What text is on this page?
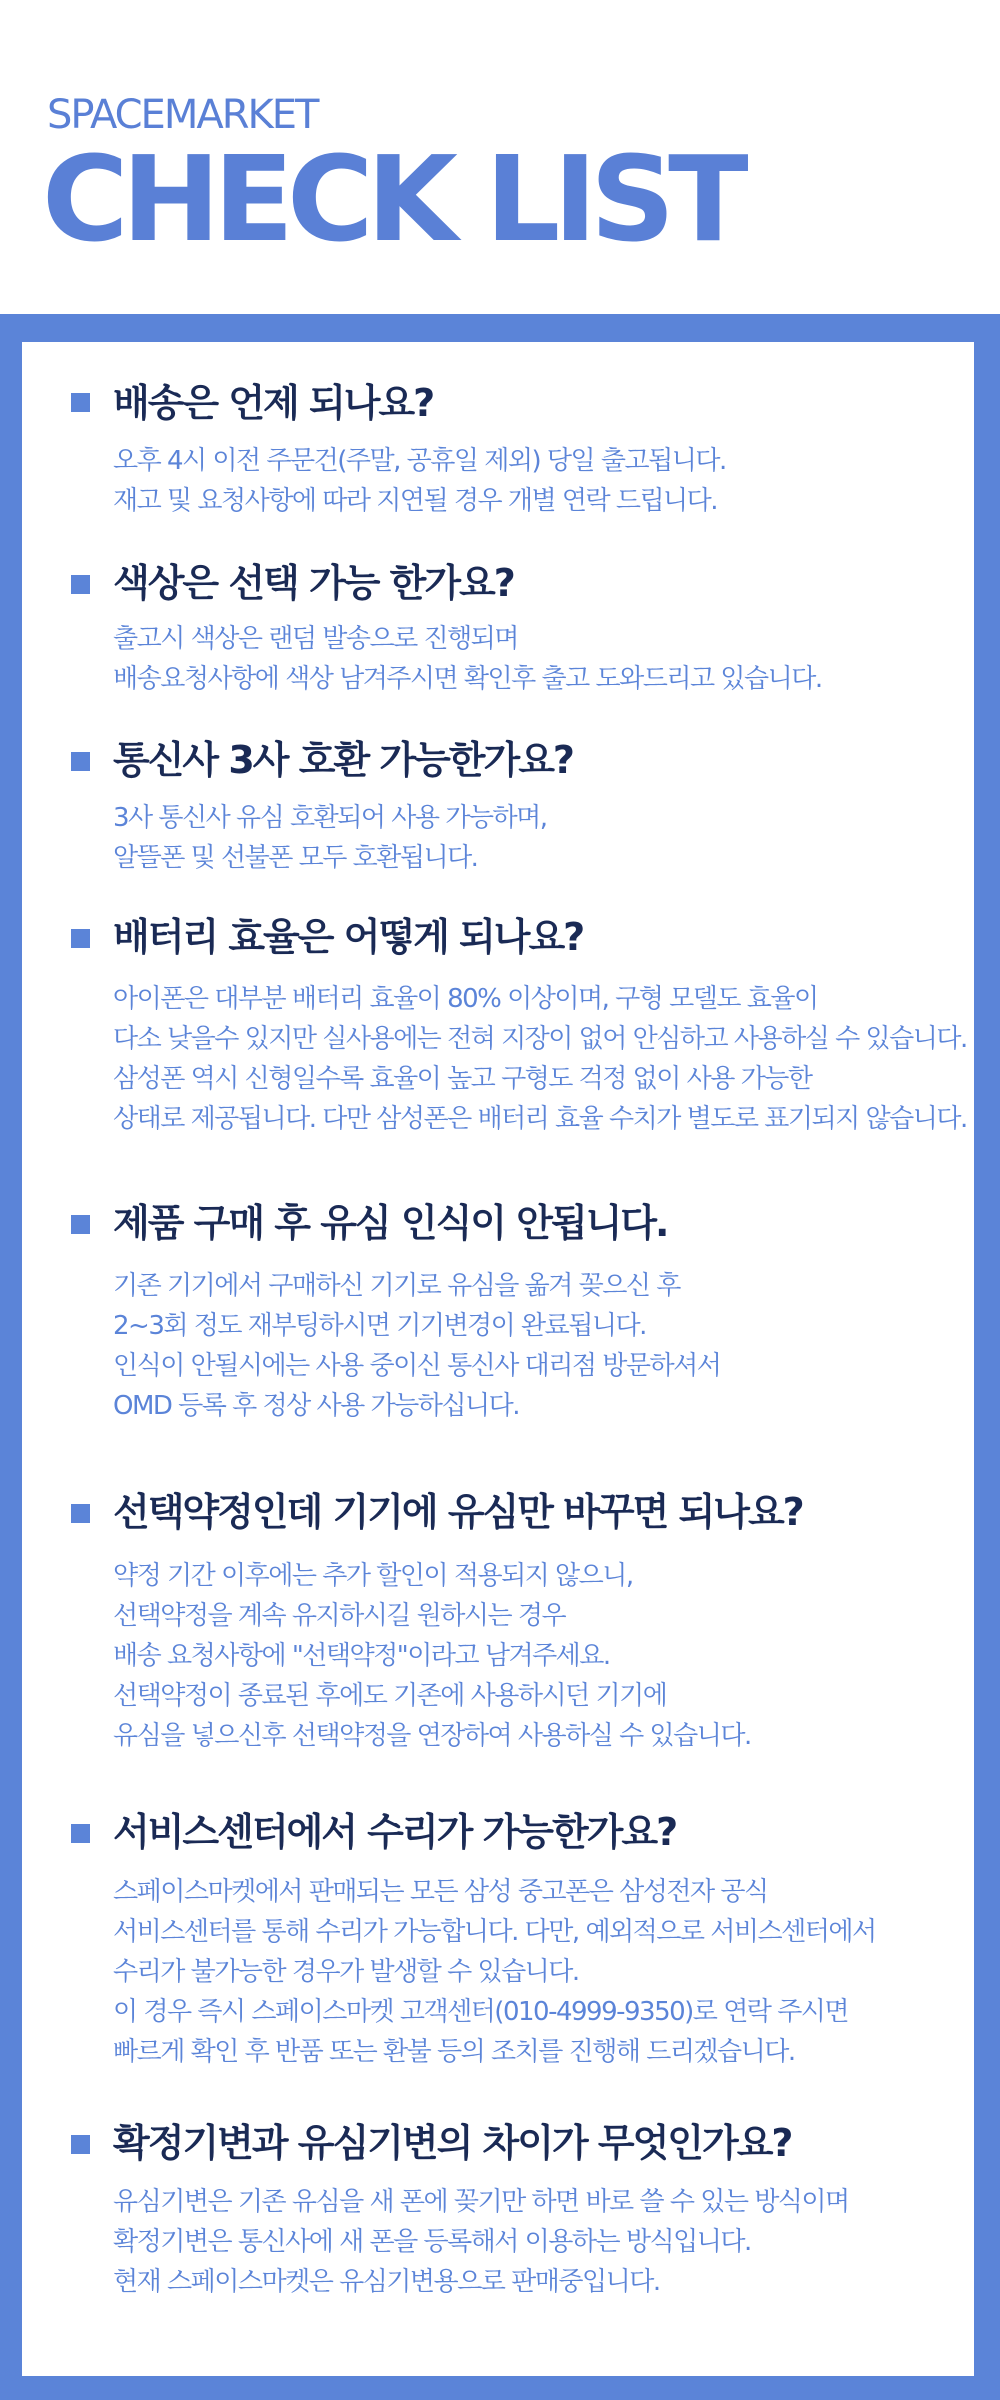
SPACEMARKET
CHECK LIST
배송은 언제 되나요?
오후 4시 이전 주문건(주말, 공휴일 제외) 당일 출고됩니다.
재고 및 요청사항에 따라 지연될 경우 개별 연락 드립니다.
색상은 선택 가능 한가요?
출고시 색상은 랜덤 발송으로 진행되며
배송요청사항에 색상 남겨주시면 확인후 출고 도와드리고 있습니다.
통신사 3사 호환 가능한가요?
3사 통신사 유심 호환되어 사용 가능하며,
알뜰폰 및 선불폰 모두 호환됩니다.
배터리 효율은 어떻게 되나요?
아이폰은 대부분 배터리 효율이 80% 이상이며, 구형 모델도 효율이
다소 낮을수 있지만 실사용에는 전혀 지장이 없어 안심하고 사용하실 수 있습니다.
삼성폰 역시 신형일수록 효율이 높고 구형도 걱정 없이 사용 가능한
상태로 제공됩니다. 다만 삼성폰은 배터리 효율 수치가 별도로 표기되지 않습니다.
제품 구매 후 유심 인식이 안됩니다.
기존 기기에서 구매하신 기기로 유심을 옮겨 꽂으신 후
2~3회 정도 재부팅하시면 기기변경이 완료됩니다.
인식이 안될시에는 사용 중이신 통신사 대리점 방문하셔서
OMD 등록 후 정상 사용 가능하십니다.
선택약정인데 기기에 유심만 바꾸면 되나요?
약정 기간 이후에는 추가 할인이 적용되지 않으니,
선택약정을 계속 유지하시길 원하시는 경우
배송 요청사항에 "선택약정"이라고 남겨주세요.
선택약정이 종료된 후에도 기존에 사용하시던 기기에
유심을 넣으신후 선택약정을 연장하여 사용하실 수 있습니다.
서비스센터에서 수리가 가능한가요?
스페이스마켓에서 판매되는 모든 삼성 중고폰은 삼성전자 공식
서비스센터를 통해 수리가 가능합니다. 다만, 예외적으로 서비스센터에서
수리가 불가능한 경우가 발생할 수 있습니다.
이 경우 즉시 스페이스마켓 고객센터(010-4999-9350)로 연락 주시면
빠르게 확인 후 반품 또는 환불 등의 조치를 진행해 드리겠습니다.
확정기변과 유심기변의 차이가 무엇인가요?
유심기변은 기존 유심을 새 폰에 꽂기만 하면 바로 쓸 수 있는 방식이며
확정기변은 통신사에 새 폰을 등록해서 이용하는 방식입니다.
현재 스페이스마켓은 유심기변용으로 판매중입니다.
